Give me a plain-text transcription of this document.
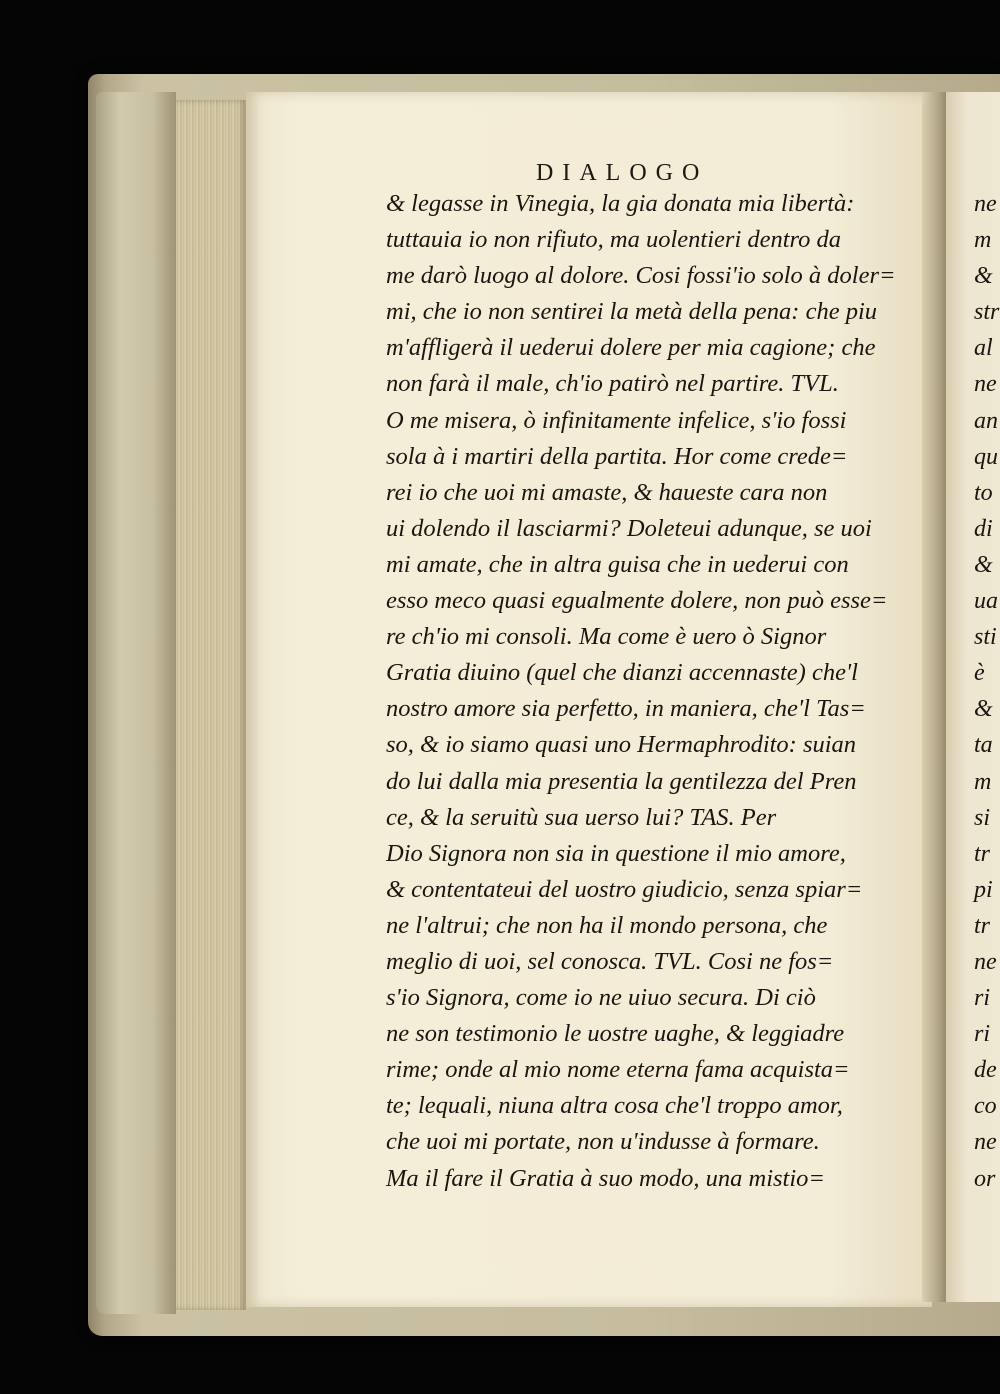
DIALOGO
& legasse in Vinegia, la gia donata mia libertà:
tuttauia io non rifiuto, ma uolentieri dentro da
me darò luogo al dolore. Cosi fossi'io solo à doler=
mi, che io non sentirei la metà della pena: che piu
m'affligerà il uederui dolere per mia cagione; che
non farà il male, ch'io patirò nel partire. TVL.
O me misera, ò infinitamente infelice, s'io fossi
sola à i martiri della partita. Hor come crede=
rei io che uoi mi amaste, & haueste cara non
ui dolendo il lasciarmi? Doleteui adunque, se uoi
mi amate, che in altra guisa che in uederui con
esso meco quasi egualmente dolere, non può esse=
re ch'io mi consoli. Ma come è uero ò Signor
Gratia diuino (quel che dianzi accennaste) che'l
nostro amore sia perfetto, in maniera, che'l Tas=
so, & io siamo quasi uno Hermaphrodito: suian
do lui dalla mia presentia la gentilezza del Pren
ce, & la seruitù sua uerso lui? TAS. Per
Dio Signora non sia in questione il mio amore,
& contentateui del uostro giudicio, senza spiar=
ne l'altrui; che non ha il mondo persona, che
meglio di uoi, sel conosca. TVL. Cosi ne fos=
s'io Signora, come io ne uiuo secura. Di ciò
ne son testimonio le uostre uaghe, & leggiadre
rime; onde al mio nome eterna fama acquista=
te; lequali, niuna altra cosa che'l troppo amor,
che uoi mi portate, non u'indusse à formare.
Ma il fare il Gratia à suo modo, una mistio=
ne
m
&
str
al
ne
an
qu
to
di
&
ua
sti
è
&
ta
m
si
tr
pi
tr
ne
ri
ri
de
co
ne
or
